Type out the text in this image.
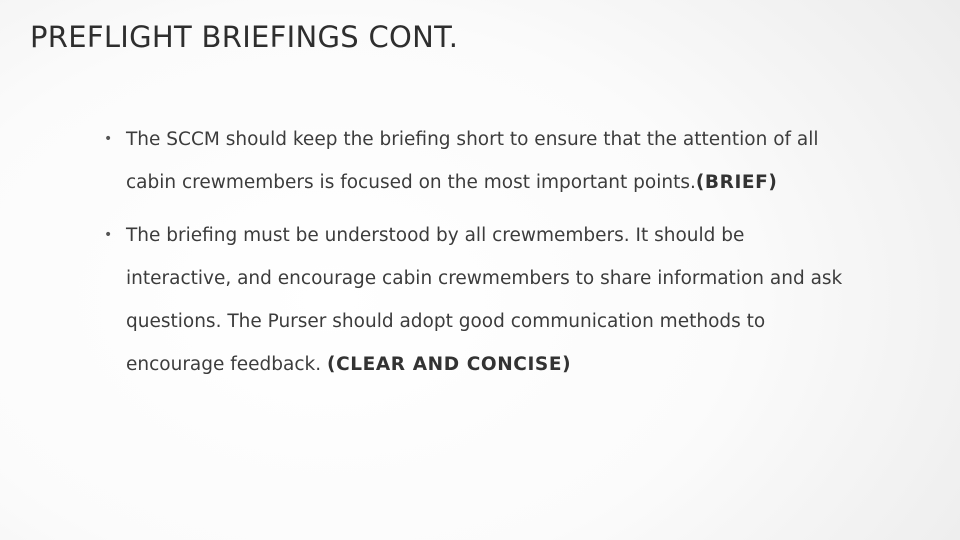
PREFLIGHT BRIEFINGS CONT.
• The SCCM should keep the briefing short to ensure that the attention of all cabin crewmembers is focused on the most important points.(BRIEF)
• The briefing must be understood by all crewmembers. It should be interactive, and encourage cabin crewmembers to share information and ask questions. The Purser should adopt good communication methods to encourage feedback. (CLEAR AND CONCISE)
